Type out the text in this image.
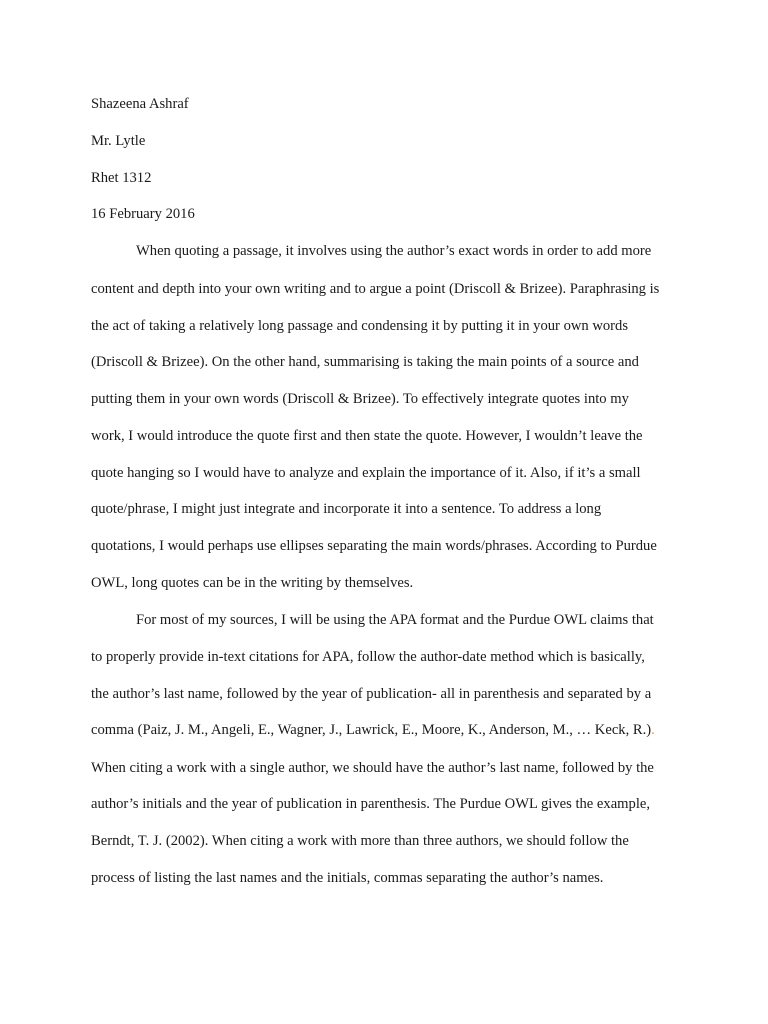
Shazeena Ashraf
Mr. Lytle
Rhet 1312
16 February 2016
When quoting a passage, it involves using the author’s exact words in order to add more
content and depth into your own writing and to argue a point (Driscoll & Brizee). Paraphrasing is
the act of taking a relatively long passage and condensing it by putting it in your own words
(Driscoll & Brizee). On the other hand, summarising is taking the main points of a source and
putting them in your own words (Driscoll & Brizee). To effectively integrate quotes into my
work, I would introduce the quote first and then state the quote. However, I wouldn’t leave the
quote hanging so I would have to analyze and explain the importance of it. Also, if it’s a small
quote/phrase, I might just integrate and incorporate it into a sentence. To address a long
quotations, I would perhaps use ellipses separating the main words/phrases. According to Purdue
OWL, long quotes can be in the writing by themselves.
For most of my sources, I will be using the APA format and the Purdue OWL claims that
to properly provide in-text citations for APA, follow the author-date method which is basically,
the author’s last name, followed by the year of publication- all in parenthesis and separated by a
comma (Paiz, J. M., Angeli, E., Wagner, J., Lawrick, E., Moore, K., Anderson, M., … Keck, R.).
When citing a work with a single author, we should have the author’s last name, followed by the
author’s initials and the year of publication in parenthesis. The Purdue OWL gives the example,
Berndt, T. J. (2002). When citing a work with more than three authors, we should follow the
process of listing the last names and the initials, commas separating the author’s names.
